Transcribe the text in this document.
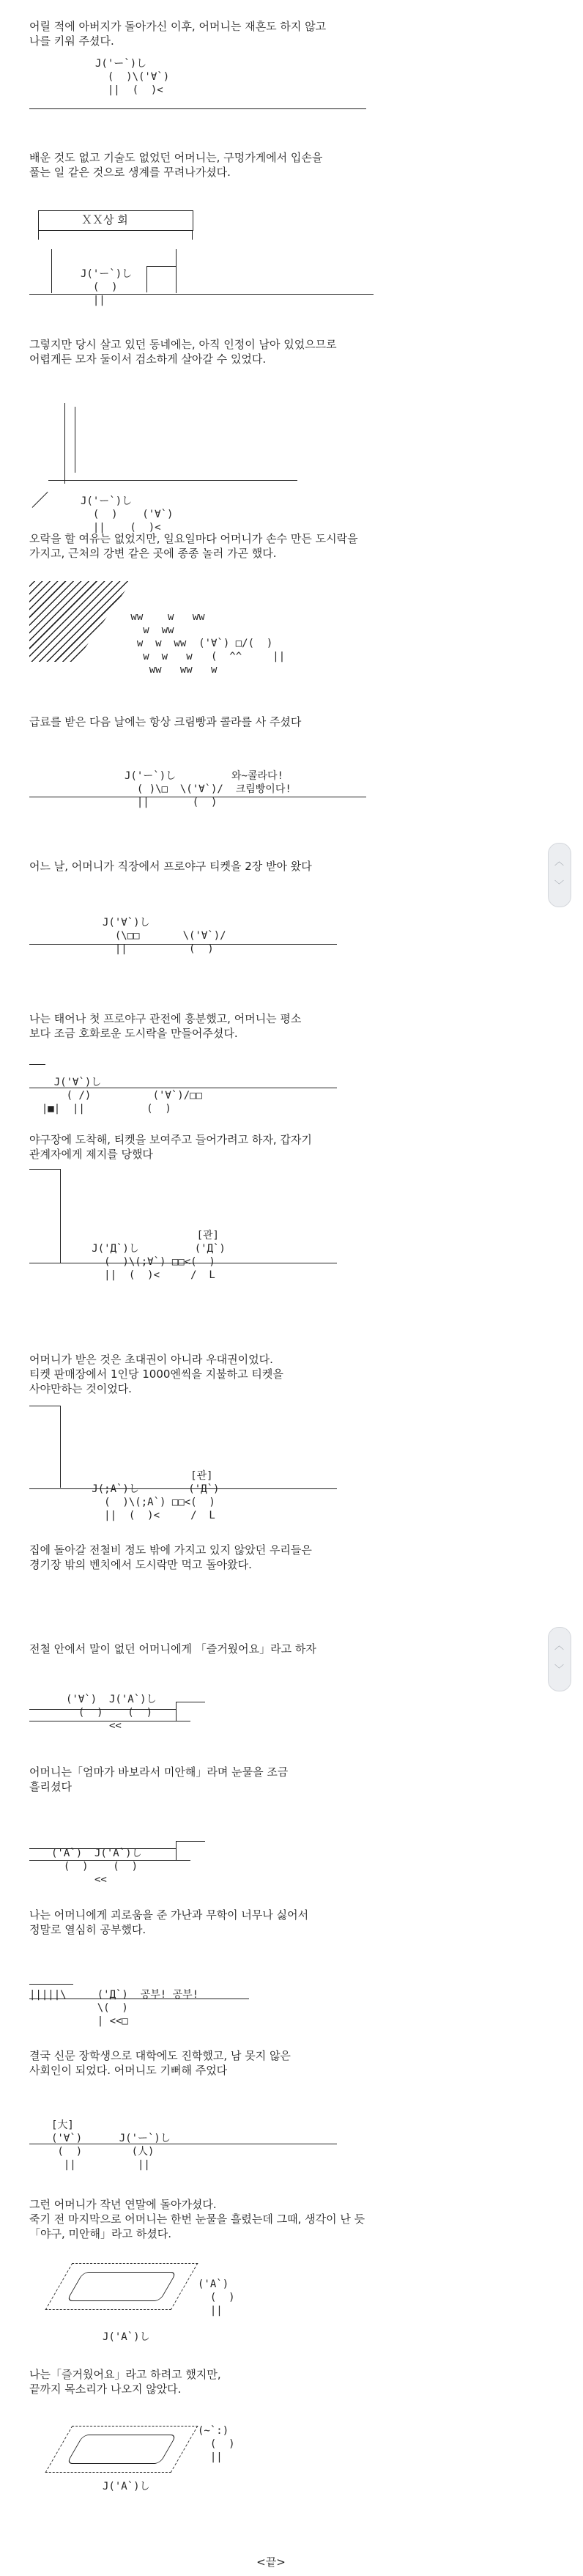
어릴 적에 아버지가 돌아가신 이후, 어머니는 재혼도 하지 않고
나를 키워 주셨다.

J('ー`)し
(  )\('∀`)
||  (  )<

배운 것도 없고 기술도 없었던 어머니는, 구멍가게에서 입손을
풀는 일 같은 것으로 생계를 꾸려나가셨다.

ＸＸ상 회
J('ー`)し
(  )
||

그렇지만 당시 살고 있던 동네에는, 아직 인정이 남아 있었으므로
어렵게든 모자 둘이서 검소하게 살아갈 수 있었다.

J('ー`)し
(  )    ('∀`)
||    (  )<

오락을 할 여유는 없었지만, 일요일마다 어머니가 손수 만든 도시락을
가지고, 근처의 강변 같은 곳에 종종 놀러 가곤 했다.

ww    w   ww
w  ww
w  w  ww  ('∀`) □/(  )
w  w   w   (  ^^     ||
ww   ww   w

급료를 받은 다음 날에는 항상 크림빵과 콜라를 사 주셨다

J('ー`)し         와~콜라다!
( )\□  \('∀`)/  크림빵이다!
||       (  )

어느 날, 어머니가 직장에서 프로야구 티켓을 2장 받아 왔다

J('∀`)し
(\□□       \('∀`)/
||          (  )

나는 태어나 첫 프로야구 관전에 흥분했고, 어머니는 평소
보다 조금 호화로운 도시락을 만들어주셨다.

J('∀`)し
( /)          ('∀`)/□□
|■|  ||          (  )

야구장에 도착해, 티켓을 보여주고 들어가려고 하자, 갑자기
관계자에게 제지를 당했다

[관]
J('Д`)し         ('Д`)
(  )\(;∀`) □□<(  )
||  (  )<     /  L

어머니가 받은 것은 초대권이 아니라 우대권이었다.
티켓 판매장에서 1인당 1000엔씩을 지불하고 티켓을
사야만하는 것이었다.

[관]
J(;A`)し        ('Д`)
(  )\(;A`) □□<(  )
||  (  )<     /  L

집에 돌아갈 전철비 정도 밖에 가지고 있지 않았던 우리들은
경기장 밖의 벤치에서 도시락만 먹고 돌아왔다.

전철 안에서 말이 없던 어머니에게 「즐거웠어요」라고 하자

('∀`)  J('A`)し
(  )    (  )
<<

어머니는「엄마가 바보라서 미안해」라며 눈물을 조금
흘리셨다

('A`)  J('A`)し
(  )    (  )
<<

나는 어머니에게 괴로움을 준 가난과 무학이 너무나 싫어서
정말로 열심히 공부했다.

|||||\     ('Д`)  공부! 공부!
\(  )
| <<□

결국 신문 장학생으로 대학에도 진학했고, 남 못지 않은
사회인이 되었다. 어머니도 기뻐해 주었다

[大]
('∀`)      J('ー`)し
(  )        (人)
||          ||

그런 어머니가 작년 연말에 돌아가셨다.
죽기 전 마지막으로 어머니는 한번 눈물을 흘렸는데 그때, 생각이 난 듯
「야구, 미안해」라고 하셨다.

('A`)
(  )
||
J('A`)し

나는「즐거웠어요」라고 하려고 했지만,
끝까지 목소리가 나오지 않았다.

(~`:)
(  )
||
J('A`)し
<끝>
︿
﹀
︿
﹀
